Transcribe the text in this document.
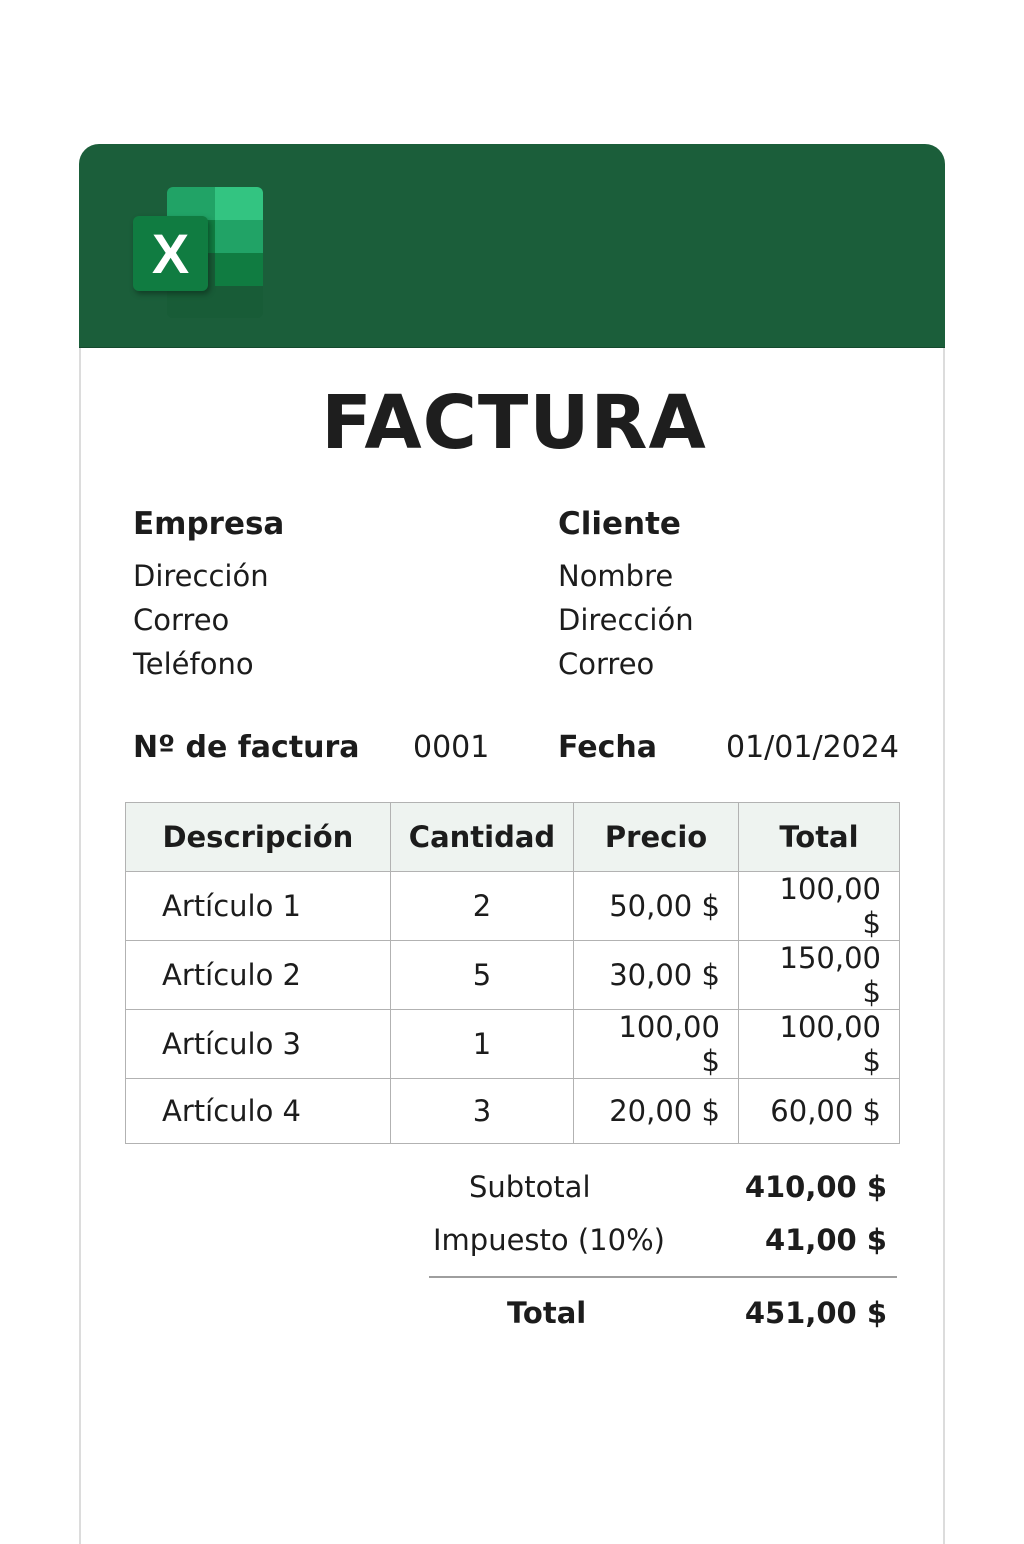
X
FACTURA
Empresa
Dirección
Correo
Teléfono
Cliente
Nombre
Dirección
Correo
Nº de factura 0001 Fecha 01/01/2024
Descripción	Cantidad	Precio	Total
Artículo 1	2	50,00 $	100,00 $
Artículo 2	5	30,00 $	150,00 $
Artículo 3	1	100,00 $	100,00 $
Artículo 4	3	20,00 $	60,00 $
Subtotal	410,00 $
Impuesto (10%)	41,00 $
Total	451,00 $
